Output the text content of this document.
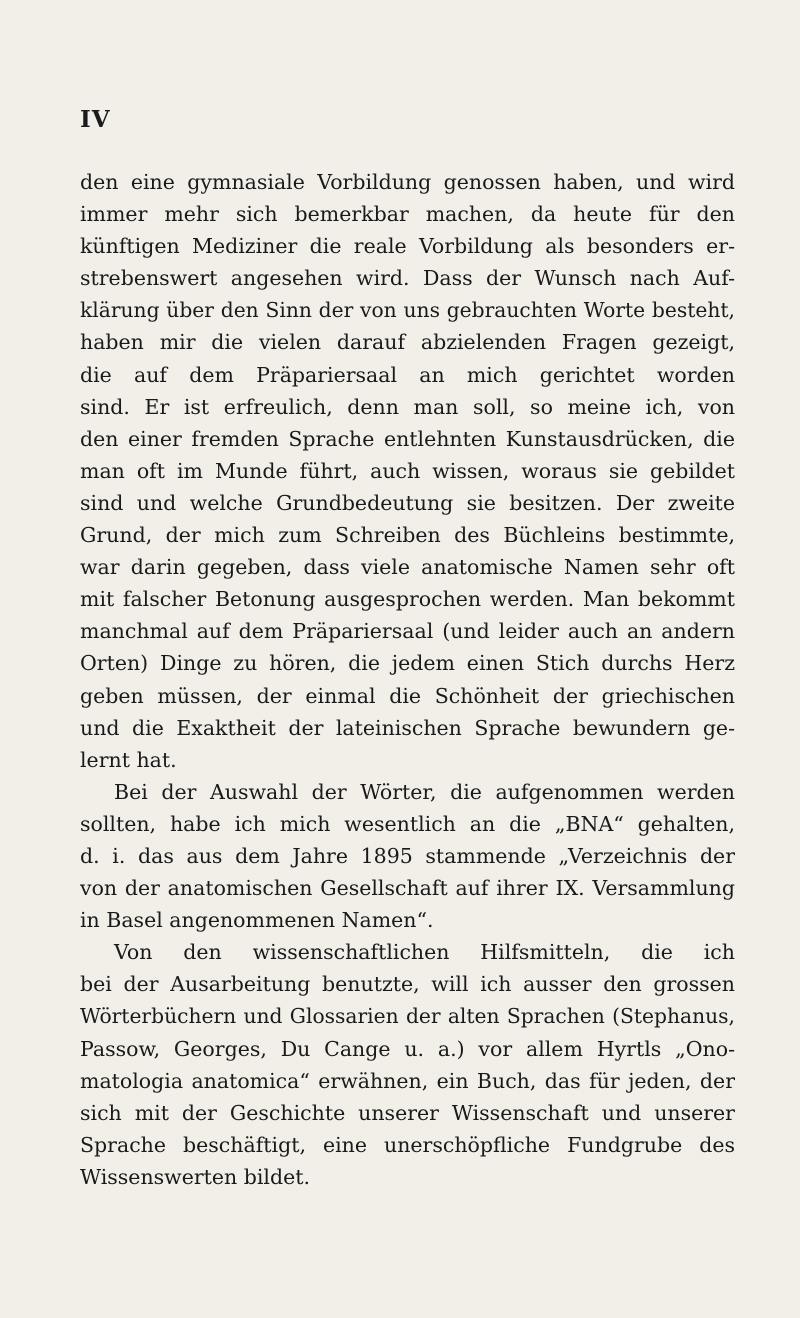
IV
den eine gymnasiale Vorbildung genossen haben, und wird
immer mehr sich bemerkbar machen, da heute für den
künftigen Mediziner die reale Vorbildung als besonders er-
strebenswert angesehen wird. Dass der Wunsch nach Auf-
klärung über den Sinn der von uns gebrauchten Worte besteht,
haben mir die vielen darauf abzielenden Fragen gezeigt,
die auf dem Präpariersaal an mich gerichtet worden
sind. Er ist erfreulich, denn man soll, so meine ich, von
den einer fremden Sprache entlehnten Kunstausdrücken, die
man oft im Munde führt, auch wissen, woraus sie gebildet
sind und welche Grundbedeutung sie besitzen. Der zweite
Grund, der mich zum Schreiben des Büchleins bestimmte,
war darin gegeben, dass viele anatomische Namen sehr oft
mit falscher Betonung ausgesprochen werden. Man bekommt
manchmal auf dem Präpariersaal (und leider auch an andern
Orten) Dinge zu hören, die jedem einen Stich durchs Herz
geben müssen, der einmal die Schönheit der griechischen
und die Exaktheit der lateinischen Sprache bewundern ge-
lernt hat.
Bei der Auswahl der Wörter, die aufgenommen werden
sollten, habe ich mich wesentlich an die „BNA“ gehalten,
d. i. das aus dem Jahre 1895 stammende „Verzeichnis der
von der anatomischen Gesellschaft auf ihrer IX. Versammlung
in Basel angenommenen Namen“.
Von den wissenschaftlichen Hilfsmitteln, die ich
bei der Ausarbeitung benutzte, will ich ausser den grossen
Wörterbüchern und Glossarien der alten Sprachen (Stephanus,
Passow, Georges, Du Cange u. a.) vor allem Hyrtls „Ono-
matologia anatomica“ erwähnen, ein Buch, das für jeden, der
sich mit der Geschichte unserer Wissenschaft und unserer
Sprache beschäftigt, eine unerschöpfliche Fundgrube des
Wissenswerten bildet.
